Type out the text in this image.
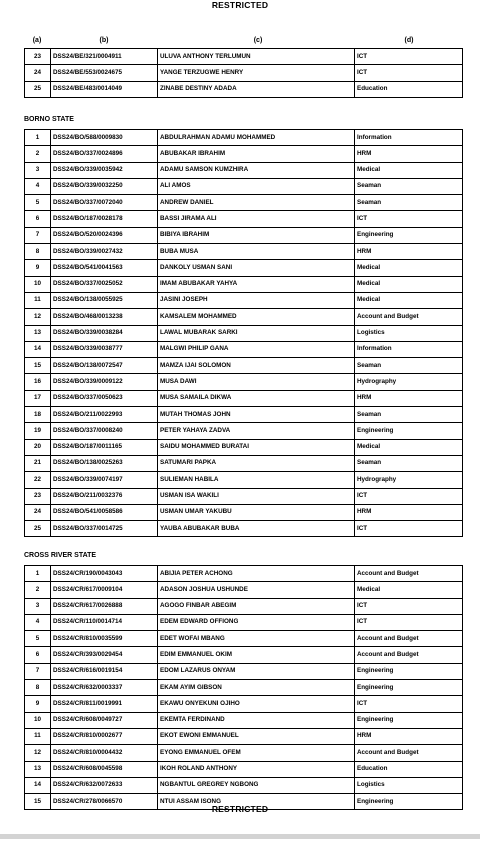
RESTRICTED
(a)	(b)	(c)	(d)
23	DSS24/BE/321/0004911	ULUVA ANTHONY TERLUMUN	ICT
24	DSS24/BE/553/0024675	YANGE TERZUGWE HENRY	ICT
25	DSS24/BE/483/0014049	ZINABE DESTINY ADADA	Education
BORNO STATE
1	DSS24/BO/588/0009830	ABDULRAHMAN ADAMU MOHAMMED	Information
2	DSS24/BO/337/0024896	ABUBAKAR IBRAHIM	HRM
3	DSS24/BO/339/0035942	ADAMU SAMSON KUMZHIRA	Medical
4	DSS24/BO/339/0032250	ALI AMOS	Seaman
5	DSS24/BO/337/0072040	ANDREW DANIEL	Seaman
6	DSS24/BO/187/0028178	BASSI JIRAMA ALI	ICT
7	DSS24/BO/520/0024396	BIBIYA IBRAHIM	Engineering
8	DSS24/BO/339/0027432	BUBA MUSA	HRM
9	DSS24/BO/541/0041563	DANKOLY USMAN SANI	Medical
10	DSS24/BO/337/0025052	IMAM ABUBAKAR YAHYA	Medical
11	DSS24/BO/138/0055925	JASINI JOSEPH	Medical
12	DSS24/BO/468/0013238	KAMSALEM MOHAMMED	Account and Budget
13	DSS24/BO/339/0038284	LAWAL MUBARAK SARKI	Logistics
14	DSS24/BO/339/0038777	MALGWI PHILIP GANA	Information
15	DSS24/BO/138/0072547	MAMZA IJAI SOLOMON	Seaman
16	DSS24/BO/339/0009122	MUSA DAWI	Hydrography
17	DSS24/BO/337/0050623	MUSA SAMAILA DIKWA	HRM
18	DSS24/BO/211/0022993	MUTAH THOMAS JOHN	Seaman
19	DSS24/BO/337/0008240	PETER YAHAYA ZADVA	Engineering
20	DSS24/BO/187/0011165	SAIDU MOHAMMED BURATAI	Medical
21	DSS24/BO/138/0025263	SATUMARI PAPKA	Seaman
22	DSS24/BO/339/0074197	SULIEMAN HABILA	Hydrography
23	DSS24/BO/211/0032376	USMAN ISA WAKILI	ICT
24	DSS24/BO/541/0058586	USMAN UMAR YAKUBU	HRM
25	DSS24/BO/337/0014725	YAUBA ABUBAKAR BUBA	ICT
CROSS RIVER STATE
1	DSS24/CR/190/0043043	ABIJIA PETER ACHONG	Account and Budget
2	DSS24/CR/617/0009104	ADASON JOSHUA USHUNDE	Medical
3	DSS24/CR/617/0026888	AGOGO FINBAR ABEGIM	ICT
4	DSS24/CR/110/0014714	EDEM EDWARD OFFIONG	ICT
5	DSS24/CR/810/0035599	EDET WOFAI MBANG	Account and Budget
6	DSS24/CR/393/0029454	EDIM EMMANUEL OKIM	Account and Budget
7	DSS24/CR/616/0019154	EDOM LAZARUS ONYAM	Engineering
8	DSS24/CR/632/0003337	EKAM AYIM GIBSON	Engineering
9	DSS24/CR/811/0019991	EKAWU ONYEKUNI OJIHO	ICT
10	DSS24/CR/608/0049727	EKEMTA FERDINAND	Engineering
11	DSS24/CR/810/0002677	EKOT EWONI EMMANUEL	HRM
12	DSS24/CR/810/0004432	EYONG EMMANUEL OFEM	Account and Budget
13	DSS24/CR/608/0045598	IKOH ROLAND ANTHONY	Education
14	DSS24/CR/632/0072633	NGBANTUL GREGREY NGBONG	Logistics
15	DSS24/CR/278/0066570	NTUI ASSAM ISONG	Engineering
RESTRICTED
